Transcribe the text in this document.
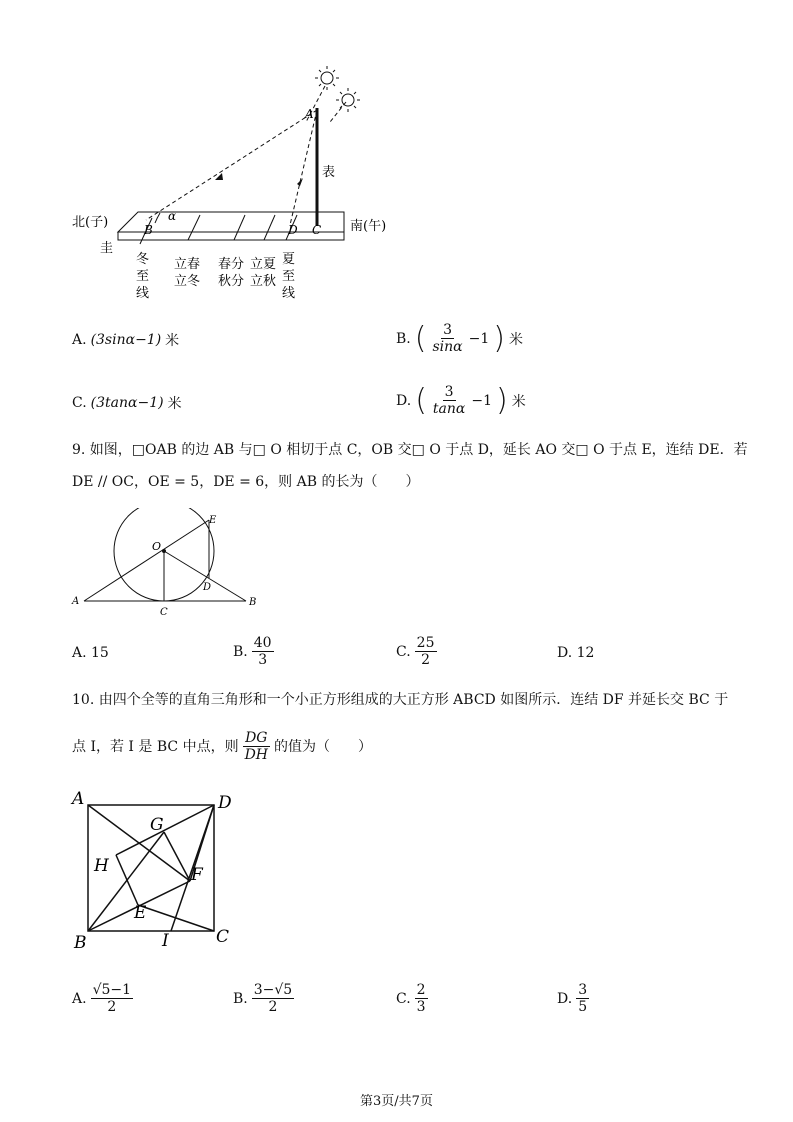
α
A
B	D C
表
北(子)	南(午)
圭
冬
至
线
立春
立冬
春分
秋分
立夏
立秋
夏
至
线
A. (3sinα−1) 米	B. ( $\frac{3}{\sin\alpha} -1$ ) 米
C. (3tanα−1) 米	D. ( $\frac{3}{\tan\alpha} -1$ ) 米
9. 如图，□OAB 的边 AB 与□ O 相切于点 C，OB 交□ O 于点 D，延长 AO 交□ O 于点 E，连结 DE．若
DE // OC，OE = 5，DE = 6，则 AB 的长为（　　）
O
E
D
A	B
C
A. 15	B. $\frac{40}{3}$	C. $\frac{25}{2}$	D. 12
10. 由四个全等的直角三角形和一个小正方形组成的大正方形 ABCD 如图所示．连结 DF 并延长交 BC 于
点 I，若 I 是 BC 中点，则 $\frac{DG}{DH}$ 的值为（　　）
A	D
B	C
G
H	F
E
I
A. $\frac{√5-1}{2}$	B. $\frac{3-√5}{2}$	C. $\frac{2}{3}$	D. $\frac{3}{5}$
第3页/共7页
